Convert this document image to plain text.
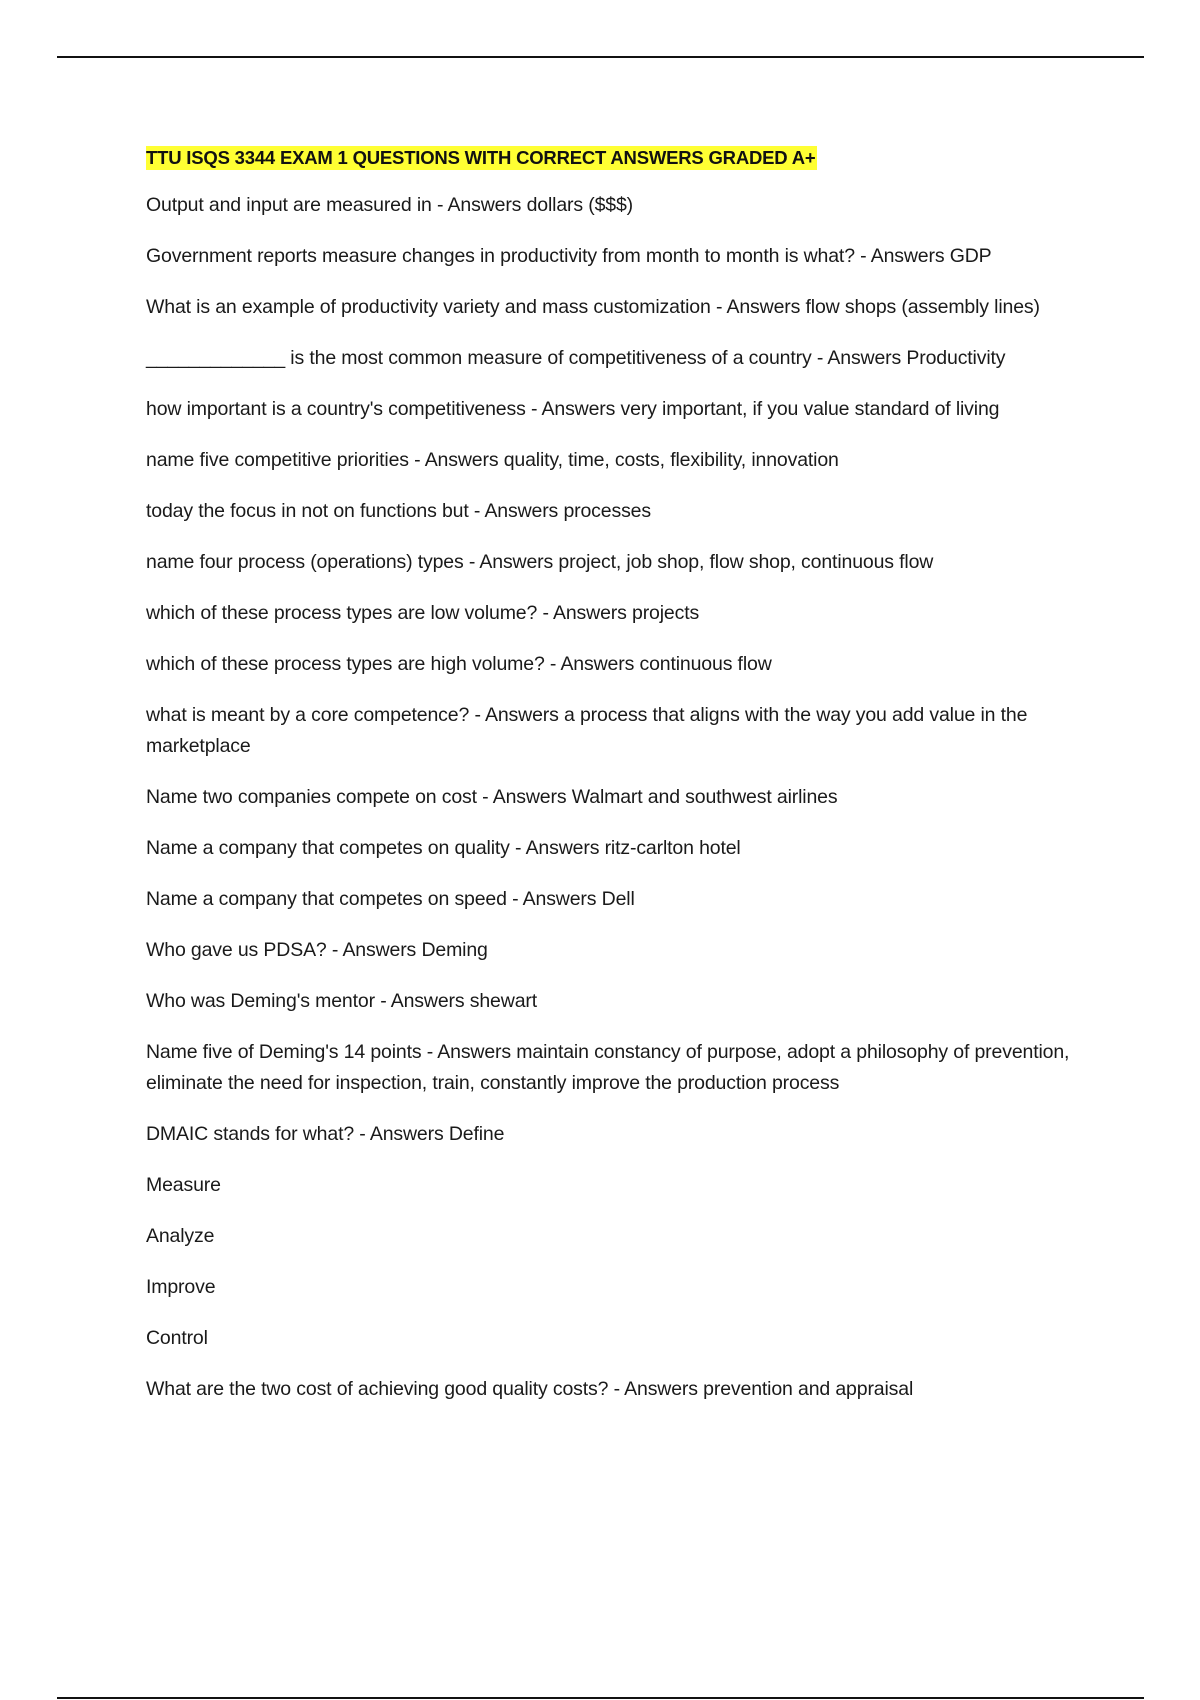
TTU ISQS 3344 EXAM 1 QUESTIONS WITH CORRECT ANSWERS GRADED A+

Output and input are measured in - Answers dollars ($$$)

Government reports measure changes in productivity from month to month is what? - Answers GDP

What is an example of productivity variety and mass customization - Answers flow shops (assembly lines)

_____________ is the most common measure of competitiveness of a country - Answers Productivity

how important is a country's competitiveness - Answers very important, if you value standard of living

name five competitive priorities - Answers quality, time, costs, flexibility, innovation

today the focus in not on functions but - Answers processes

name four process (operations) types - Answers project, job shop, flow shop, continuous flow

which of these process types are low volume? - Answers projects

which of these process types are high volume? - Answers continuous flow

what is meant by a core competence? - Answers a process that aligns with the way you add value in the marketplace

Name two companies compete on cost - Answers Walmart and southwest airlines

Name a company that competes on quality - Answers ritz-carlton hotel

Name a company that competes on speed - Answers Dell

Who gave us PDSA? - Answers Deming

Who was Deming's mentor - Answers shewart

Name five of Deming's 14 points - Answers maintain constancy of purpose, adopt a philosophy of prevention, eliminate the need for inspection, train, constantly improve the production process

DMAIC stands for what? - Answers Define

Measure

Analyze

Improve

Control

What are the two cost of achieving good quality costs? - Answers prevention and appraisal
